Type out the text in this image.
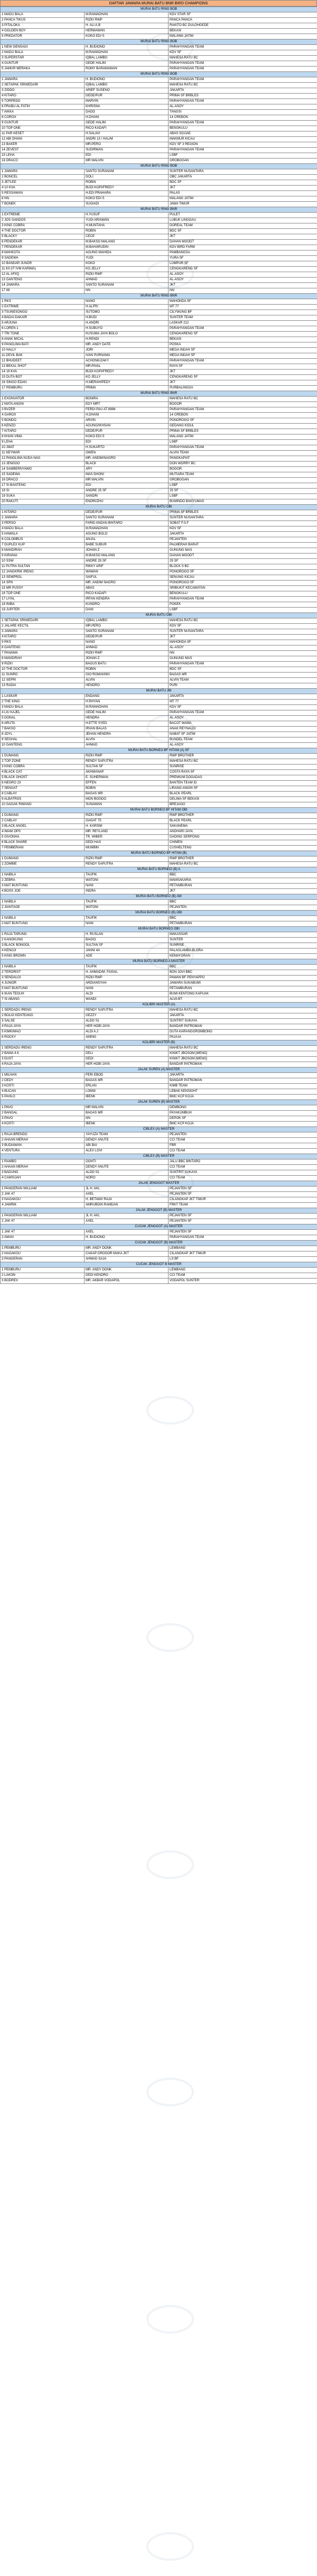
DAFTAR JAWARA MURAI BATU BNR BIRD CHAMPIONS
MURAI BATU RING BOB		
1 MADU BALA	M.RAMADHAN	KDV STAR SF
2 PANCA TIKUS	RIZKI RWP	PANCA PANCA
3 PITALOKA	H. ALI A.B	RAKITO BC DULOHGEDE
4 GOLDEN BOY	HERMAWAN	BEKASI
5 PREDATOR	KOKO EDI S	MALANG JATIM
MURAI BATU RING BOB		
1 NEW GENSAGI	H. BUDIONO	PARAHYANGAN TEAM
2 MADU BALA	M.RAMADHAN	KDV SF
3 SUPERSTAR	IQBAL LAMBO	MAHESA RATU BC
4 GUNTUR	GEDE HALIM	PARAHYANGAN TEAM
5 JAMUR MERAKA	ROMY BARAMAWAN	PARAHYANGAN TEAM
MURAI BATU RING BOB		
1 JAWARA	H. BUDIONO	PARAHYANGAN TEAM
2 SETAPAK SRIWEDARI	IQBAL LAMBO	MAHESA RATU BC
3 ZIDDO	ARIEF SUSENO	JAKARTA
4 KITARO	DEDE/PUR	PRIMA SF BRBLES
5 TORPEDO	MARVIN	PARAHYANGAN TEAM
6 PRABU AL FATIH	KHRISNA	AL-ASOY
7 AIKKA	DADO	TANGSI
8 COROX	H.DHANI	14 CREBON
9 GUNTUR	GEDE HALIM	PARAHYANGAN TEAM
10 TOP ONE	RICO KADAFI	BENGKULU
11 PAR KESET	H.SALAVI	ABAS SGIJAE
12 ABI DHANI	ANDRI 13 / HALIM	MAKMUR KICAU
13 BAKER	MR.PERO	KDV SF 3 REGION
14 ZEVEST	SUDIRMAN	PARAHYANGAN TEAM
15 LEHA	EDI	LSBF
16 DRACO	MR MALVIN	GROBOGAN
MURAI BATU RING BOB		
1 JAWARA	SANTO SURANAM	SUNTER NUSANTARA
2 BONCEL	DOLI	OBC JAKARTA
3 JETLEE	ROBIN	BDC SF
4 10 KVA	BUDI KOPI/FREDY	JKT
5 RESSAWAN	H.EDI PRAHARA	PALAS
6 NN	KOKO EDI S	MALANG JATIM
7 BONEK	SUGIADI	JAWA TIMUR
MURAI BATU RING BNR		
1 EXTREME	H.YUSUF	PULET
2 JOS GANDOS	YUDI ARIAWAN	LUBUK LINGGAU
3 KING COBRA	H.MUNTAHA	DOREAL TEAM
4 THE DOCTOR	ROBIN	BDC SF
5 BLACKY	CECE	JKT
6 PENDEKAR	M.BAKSO MALANG	DAHAN MOODT
7 PENDEKAR	M.BAHARUDIN	KDV BIRD FARM
8 MAHKOTA	AGUNG WAHIDA	PAMBANGSA
9 SADEWA	YUDI	YURA SF
10 BANDAR JUNOR	KOKO	LUMPUR SF
11 KII (IT IVM KARIMA)	KO.JELLY	CENGKARENG SF
12 AL AFIIQ	RIZKI RWP	AL-ASOY
13 GANTENG	AHMAD	AL-ASOY
14 JAWARA	SANTO SURANAM	JKT
17 69	NN	NN
MURAI BATU RING BNR		
1 RKS	NANO	MAHONDA SF
2 EXTRIME	H.ALFRI	MT 77
3 TSUNESONGO	SUTOMO	CILYWUNG BF
4 BADAI DAKAIR	H.BUDI	SUNTER TEAM
5 ARJUNA	H.ANDRI	LASKAR 212
6 LOREN 1	H.SUBUYO	PARAHYANGAN TEAM
7 TRI TONE	KUSUMA JAYA BOLO	CENGKARENG SF
8 ANAK MICAL	H.RENDI	BEKASI
9 PANGLIMA BATI	MR. ANDY DATE	POSKA
10 HALLY	JORI	MEGA INDAH SF
11 DEVIL BAK	IVAN PURNAMA	MEGA INDAH SF
12 BHUDEET	ACHONK/ZAKY	PARAHYANGAN TEAM
13 BEKAL SHOT	MR.RIVAL	RAYA SF
14 19 KVA	BUDI KOPI/FREDY	JKT
15 DUTA BOT	KO JELLY	CENGKARENG SF
16 SINGO EDAN	H.MERAH/PEDY	JKT
17 PEMBURU	PRIMA	PURBALINGGA
MURAI BATU RING BNR		
1 EXONVATOR	BONIRA	MAHESA RATU BC
2 MATA ANGIN	EDY MRT	BOGOR
3 BVZER	FERDI PAU AT 8986	PARAHYANGAN TEAM
4 GAROX	H.DHANI	14 CREBON
5 BONDO	ARVIN	PONOROGO SF
6 KENZO	AGUNG/IKHSAN	GEDANG KIDUL
7 KITARO	DEDE/PUR	PRIMA SF BRBLES
8 KHAN VIMA	KOKO EDI S	MALANG JATIM
9 LEHA	EDI	LSBF
10 JMAT	H.SUKARTO	PARAHYANGAN TEAM
11 NEYMAR	OWEN	ALVIN TEAM
12 PANGLIMA NUDA NAG	MR. ANDIM/NAGRO	PANGKAPIAT
13 JENGGO	BLACK	DON WORRY BC
14 SAMBERNYAWO	ARY	BOGOR
15 SADEWA	MAS DHONI	MUTIARA TEAM
16 DRACO	MR MALVIN	GROBOGAN
17 SI BANTENG	EDI	LSBF
18 SI	ANDRE 25 SF	25 SF
19 SUKA	SANDRI	LSBF
20 RAKUTI	ENDRI/ZHU	BUMINDO BANYUMAS
MURAI BATU OBI		
1 KITARO	DEDE/PUR	PRIMA SF BRBLES
2 JAWARA	SANTO SURANAM	SUNTER NUSANTARA
3 PERSO	FARID ANDAN BINTARO	SOBAT F.S.F
4 MADU BALA	M.RAMADHAN	KDV SF
5 HAWALA	AGUNG BOLO	JAKARTA
6 COLOMBUS	ANJAL	PEJANTEN
7 DUPLEX KUP	BABE SUBUR	PALMERAH BARAT
8 MANDIRAH	JOHAN Z	GUNUNG MAS
9 KIRANIA	M.BAKSO MALANG	DAHAN MOODT
10 SSW	ANDRE 25 SF	25 SF
11 PUTRA SULTAN	RIKKY ARIF	BLOCK S BC
12 JANGKRIK IRENG	WAWAN	PONOROGO SF
13 SEMPROL	SAIFUL	SENUNG KICAU
14 SPN	MR. ANDIM NAGRO	PONOROGO SF
15 MR PUSSY	ABAS	SRIBUKIT KECAMATAN
16 TOP ONE	RICO KADAFI	BENGKULU
17 LIYAL	IRFAN KENDRA	PARAHYANGAN TEAM
18 INIBA	KUNDRO	POKEK
19 JUPITER	DANI	LSBF
MURAI BATU OBI		
1 SETAPAK SRIWEDARI	IQBAL LAMBO	MAHESA RATU BC
2 JALARE KECTIL	MR.PERO	KDV SF
3 JAWARA	SANTO SURANAM	SUNTER NUSANTARA
4 KITARO	DEDE/PUR	JKT
5 RKS	NANO	MAHONDA SF
6 GANTENG	AHMAD	AL-ASOY
7 PANAMA	RIZKI RWP	NN
8 MANDIRAH	JOHAN Z	GUNUNG MAS
9 RIZKI	BAGUS BATU	PARAHYANGAN TEAM
10 THE DOCTOR	ROBIN	BDC SF
11 SUNRO	GIO ROMANSKI	BAGAS MR
12 SEPRI	ALVIN	ALVIN TEAM
13 RADIA	HENDRO	PURI
MURAI BATU JBI		
1 LASKAR	ENDANG	JAKARTA
2 THE KING	H.RHYAN	MT 77
3 MADU BALA	M.RAMADHAN	KDV SF
4 LIU KAJEL	GEDE HALIM	PARAHYANGAN TEAM
5 DONAL	HENDRA	AL-ASOY
6 ARUTA	H.ETTE SYED	BACOT MAMA
7 BAKSO	IRVAN BALAS	ANAK REYNALDI
8 JOYL	JEHAN HENDRA	NABAT SF JATIM
9 SEGHAL	ALVIN	BUNDEL TEAM
10 GANTENG	AHMAD	AL-ASOY
MURAI BATU BORNEO BF HITAM (A) SF		
1 DUMANG	RIZKI RWP	RWP BROTHER
2 TOP ZONE	RENDY SAPUTRA	MAHESA RATU BC
3 KING COBRA	SULTAN SF	SUNRISE
4 BLACK CAT	AKHMANAP	COSTA RAYA SF
5 BLACK GHOST	E. SUHERMAN	PREMIUM DOGADAS
6 NEGRO 23	EFFEN	BANTEN TEAM ID
7 SENGAT	BOBIN	LIRANG ANGIN SF
8 CABLAY	BAGAS MR	BLACK PEARL
9 ALBATROS	MON BOGDO	DELIMA SF BEKASI
10 GAGAK RIMANG	SUNAWAN	BREJAGO
MURAI BATU BORNEO BF HITAM OBI		
1 DUMANG	RIZKI RWP	RWP BROTHER
2 CABLAY	GAGAT 75	BLACK PEARL
3 BLACK ANGEL	H. KARSIM	SAKANEMA
4 IMAM OPS	MR. REYLAND	ANDHARI JAYA
5 GIVONHA	TR. WIBER	GADING SERPONG
6 BLACK SHARE	DEDI HAS	CHIMEN
7 PEMBERANI	MUMBIN	CUSHELTENG
MURAI BATU BORNEO BF HITAM (B)		
1 DUMANG	RIZKI RWP	RWP BROTHER
2 ZOMBIE	RENDY SAPUTRA	MAHESA RATU BC
MURAI BATU BORNEO (B) A		
1 NABILA	TAUFIK	BBC
2 ZEBRA	WATONI	MAMSAKARIA
3 MAT BUNTUNG	NANI	PETAMBURAN
4 BOSS JOE	INDRA	JKT
MURAI BATU BORNEO (B) AW		
1 NABILA	TAUFIK	BBC
2 JIANTAGE	WATONI	PEJANTEN
MURAI BATU BORNEO (B) OBI		
1 NABILA	TAUFIK	BBC
2 MAT BUNTUNG	NANI	PETAMBURAN
MURAI BATU BORNEO OBI		
1 RAJA TARUNG	H. RUSLAN	MAKASSAR
2 KANGKUNG	BAGIO	SUNTER
3 BLACK BONGOL	SULTAN SF	SUNRISE
4 KENOJI	JANNI 4A	PALAGLAMBA BLORA
5 KING BROWN	ADE	KEMAYORAN
MURAI BATU BORNEO A MASTER		
1 NABILA	TAUFIK	BBC
2 TERORIST	H. AHMAD/M. FAISAL	BON JOVI BBC
3 SENDALOI	RIZKI RWP	PAWAN BF PENYAPPO
4 JUNIOR	ARDIANSYAH	JAWARA SUKABUMI
5 MAT BUNTUNG	NANI	PETAMBURAN
6 IKAN TEGUH	ALDI	BUMI KENTONG KAPUAK
7 SI ABANG	WANDI	ALVA BT
KOLIBRI MASTER (A)		
1 SERDADU IRENG	RENDY SAPUTRA	MAHESA RATU BC
2 BOLIO KENTEANG	GEZZY	JAKARTA
3 SALSE	ALDO S1	SUNTRIT SUKAYA
4 RAJA JAYA	HER HOBI JAYA	BANDAR PATROMAN
5 KIMKIMAO	ALDI A.J	DUTA KARANGGROMBONG
6 ROCKY	AMING	PAJAJA
KOLIBRI MASTER (B)		
1 SERDADU IRENG	RENDY SAPUTRA	MAHESA RATU BC
2 BAMA 4.6	DELI	KINIKT JBOSOM [MENG]
3 DUST	DEDI	KINIKT JBOSOM [MENG]
4 RAJA JAYA	HER HOBI JAYA	BANDAR PATROMAN
JALAK SUREN (A) MASTER		
1 MILHAN	FERI EBOD	JAKARTA
2 DEDY	BAGAS MR	BANDAR PATROMAN
3 KOSTI	ERLAN	KIMB TEAM
4 BUCAN	LONNI	LEBAK KENSIGHT
5 PAHLO	IBENK	BMC KCP KOJA
JALAK SUREN (B) MASTER		
1 PAVO	MR MALVIN	DEMBONG
2 BANGAL	BAGAS MR	PAYAKUMBUH
3 PAVO	NN	DEPOK SF
4 KOSTI	IBENK	BMC KCP KOJA
CIBLEX (A) MASTER		
1 RAJA BRENDO	YAYUZA TEAM	PEJANTEN
2 AHAAN MERAH	DENDY ANUTE	CCI TEAM
3 BUDIAWAN	ABI BAI	FBR
4 VENTURA	ALEX LOVI	CCI TEAM
CIBLEX (B) MASTER		
1 RAMBO	OOHTI	JALU BBC BINTARO
2 AHAAN MERAH	DENDY ANUTE	CCI TEAM
3 BADUNG	ALDO S1	SUNTRIT SUKAYA
4 CAMSIJAH	NORO	CCI TEAM
JALAK JENGGOT MASTER		
1 PANGERAN WILLIAM	JL H. AKL	PEJANTEN SF
2 JAK 47	AXEL	PEJANTEN SF
3 NAGAKOU	H. BETAWI/ RAJA	CILANGKAP JKT TIMUR
4 JAWRIK	AMRUBDIN RAMDAN	FRKT TEAM
JALAK JENGGOT (B) MASTER		
1 PANGERAN WILLIAM	JL H. AKL	PEJANTEN SF
2 JAK 47	AXEL	PEJANTEN SF
CUCAK JENGGOT (A) MASTER		
1 JAK 47	AXEL	PEJANTEN SF
2 AMAN	H. BUDIONO	PARAHYANGAN TEAM
CUCAK JENGGOT (B) MASTER		
1 PEMBURU	MR. ANDY DONK	LEMBANG
2 NAGAKOU	CAKAP GROGOR MAKA JKT	CILANGKAP JKT TIMUR
3 PANGERAN	AHMAD SAJA	LS BF
CUCAK JENGGOT B MASTER		
1 PEMBURU	MR. ANDY DONK	LEMBANG
2 LAKON	DEDI KENDRO	CCI TEAM
3 BODREX	MR. AKBAR VODAPOL	VODAPOL SUNTER
